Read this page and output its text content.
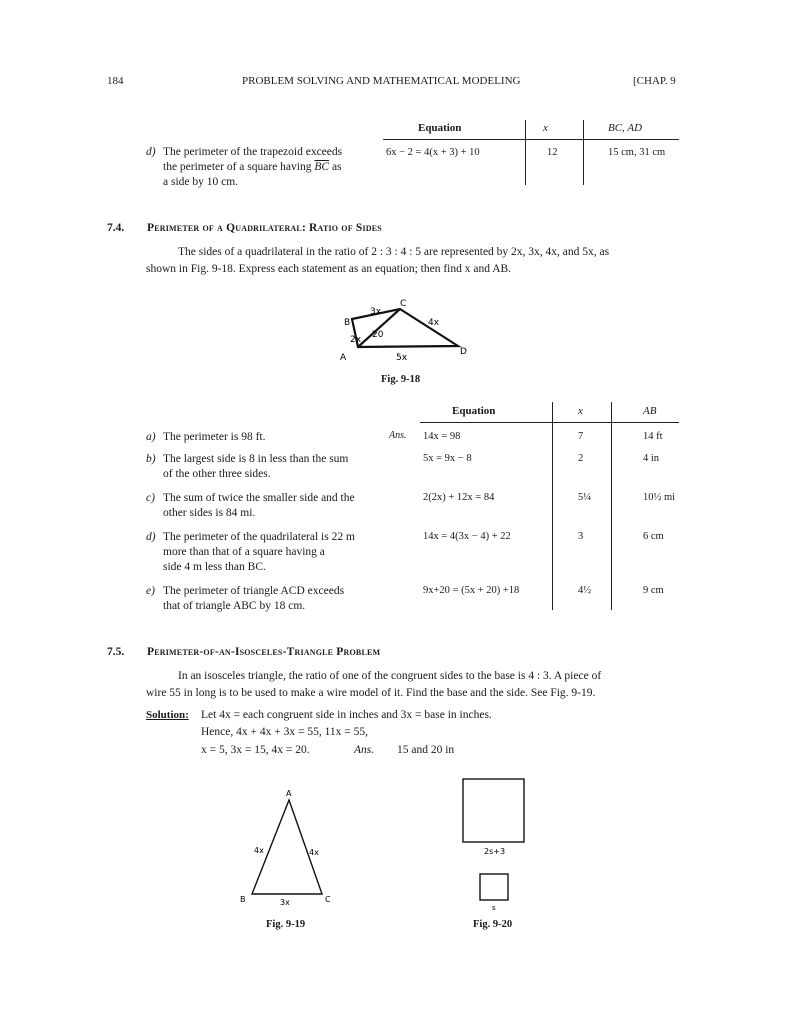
184	PROBLEM SOLVING AND MATHEMATICAL MODELING	[CHAP. 9
Equation	x	BC, AD
d) The perimeter of the trapezoid exceeds
the perimeter of a square having $\overline{BC}$ as
a side by 10 cm.
6x − 2 = 4(x + 3) + 10	12	15 cm, 31 cm
7.4. Perimeter of a Quadrilateral: Ratio of Sides
The sides of a quadrilateral in the ratio of 2 : 3 : 4 : 5 are represented by 2x, 3x, 4x, and 5x, as
shown in Fig. 9-18. Express each statement as an equation; then find x and AB.
B
C
A
D
3x
4x
2x
5x
20
Fig. 9-18
Equation	x	AB
Ans.
a) The perimeter is 98 ft.	14x = 98	7	14 ft
b) The largest side is 8 in less than the sum
of the other three sides.
5x = 9x − 8	2	4 in
c) The sum of twice the smaller side and the
other sides is 84 mi.
2(2x) + 12x = 84	5¼	10½ mi
d) The perimeter of the quadrilateral is 22 m
more than that of a square having a
side 4 m less than BC.
14x = 4(3x − 4) + 22	3	6 cm
e) The perimeter of triangle ACD exceeds
that of triangle ABC by 18 cm.
9x+20 = (5x + 20) +18	4½	9 cm
7.5. Perimeter-of-an-Isosceles-Triangle Problem
In an isosceles triangle, the ratio of one of the congruent sides to the base is 4 : 3. A piece of
wire 55 in long is to be used to make a wire model of it. Find the base and the side. See Fig. 9-19.
Solution: Let 4x = each congruent side in inches and 3x = base in inches.
Hence, 4x + 4x + 3x = 55, 11x = 55,
x = 5, 3x = 15, 4x = 20.	Ans. 15 and 20 in
A
B	C
4x	4x
3x
Fig. 9-19
2s+3
s
Fig. 9-20
